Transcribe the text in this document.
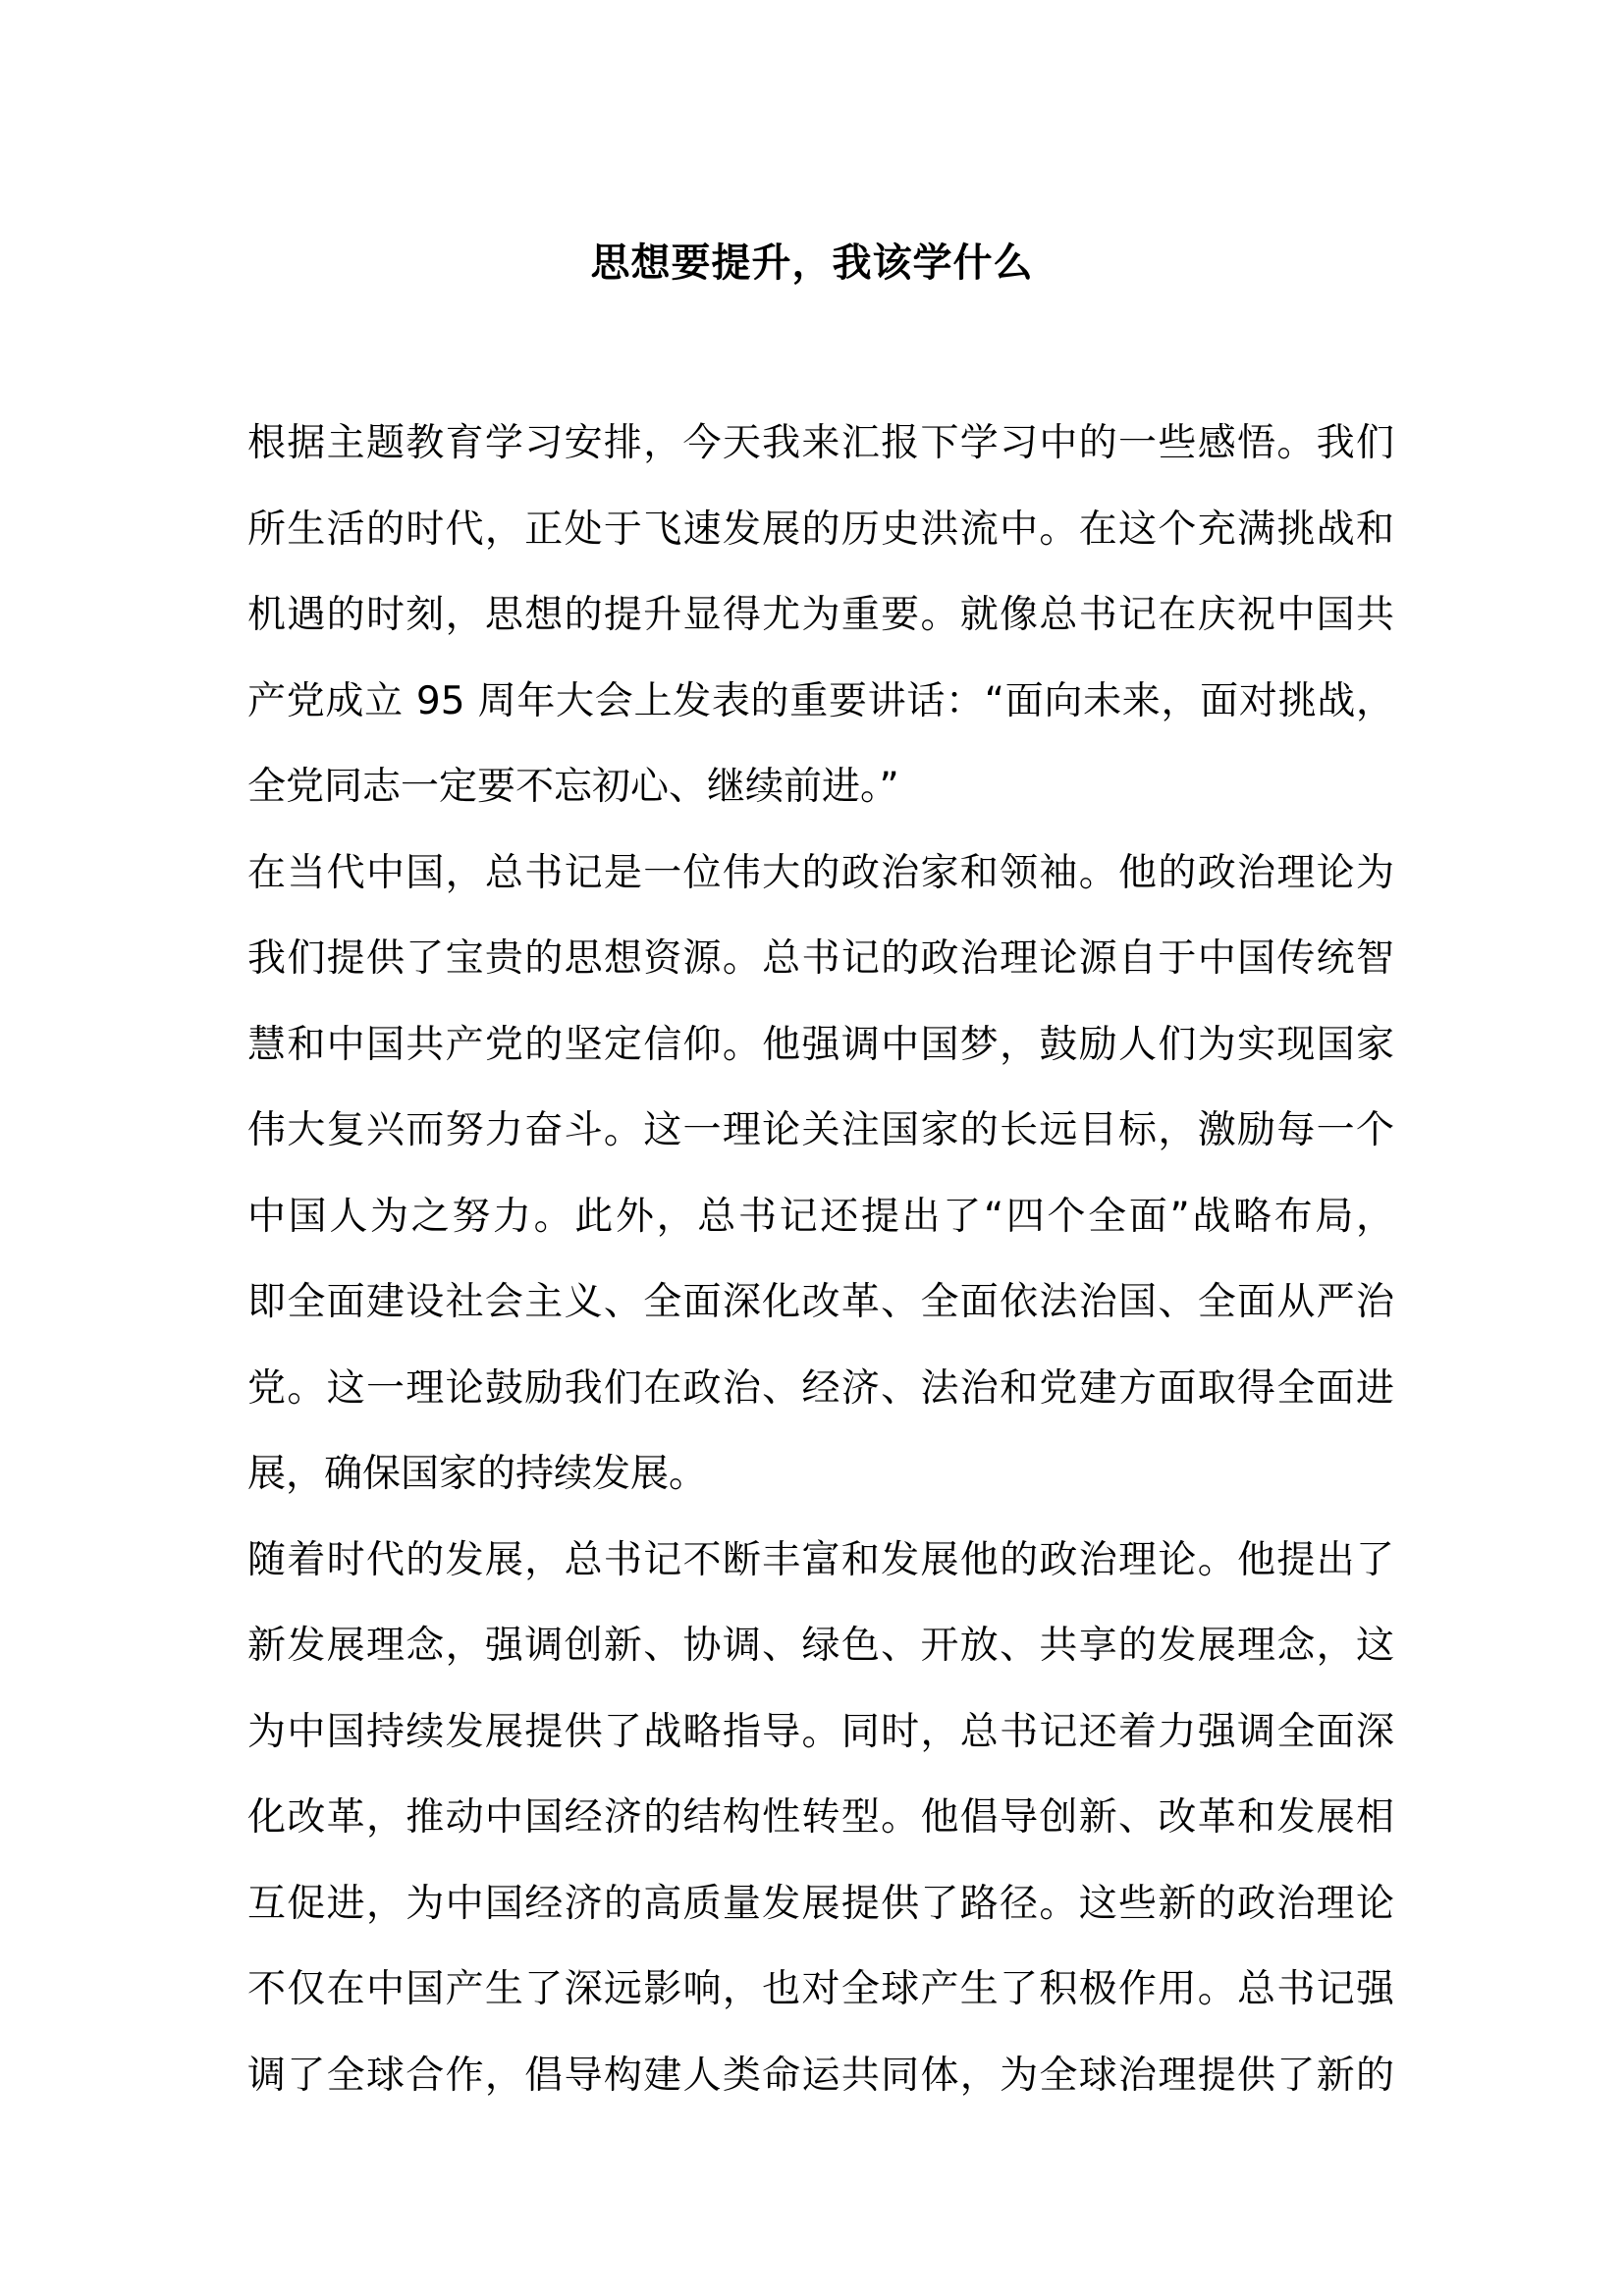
思想要提升，我该学什么

根据主题教育学习安排，今天我来汇报下学习中的一些感悟。我们
所生活的时代，正处于飞速发展的历史洪流中。在这个充满挑战和
机遇的时刻，思想的提升显得尤为重要。就像总书记在庆祝中国共
产党成立 95 周年大会上发表的重要讲话：“面向未来，面对挑战，
全党同志一定要不忘初心、继续前进。”

在当代中国，总书记是一位伟大的政治家和领袖。他的政治理论为
我们提供了宝贵的思想资源。总书记的政治理论源自于中国传统智
慧和中国共产党的坚定信仰。他强调中国梦，鼓励人们为实现国家
伟大复兴而努力奋斗。这一理论关注国家的长远目标，激励每一个
中国人为之努力。此外，总书记还提出了“四个全面”战略布局，
即全面建设社会主义、全面深化改革、全面依法治国、全面从严治
党。这一理论鼓励我们在政治、经济、法治和党建方面取得全面进
展，确保国家的持续发展。

随着时代的发展，总书记不断丰富和发展他的政治理论。他提出了
新发展理念，强调创新、协调、绿色、开放、共享的发展理念，这
为中国持续发展提供了战略指导。同时，总书记还着力强调全面深
化改革，推动中国经济的结构性转型。他倡导创新、改革和发展相
互促进，为中国经济的高质量发展提供了路径。这些新的政治理论
不仅在中国产生了深远影响，也对全球产生了积极作用。总书记强
调了全球合作，倡导构建人类命运共同体，为全球治理提供了新的
